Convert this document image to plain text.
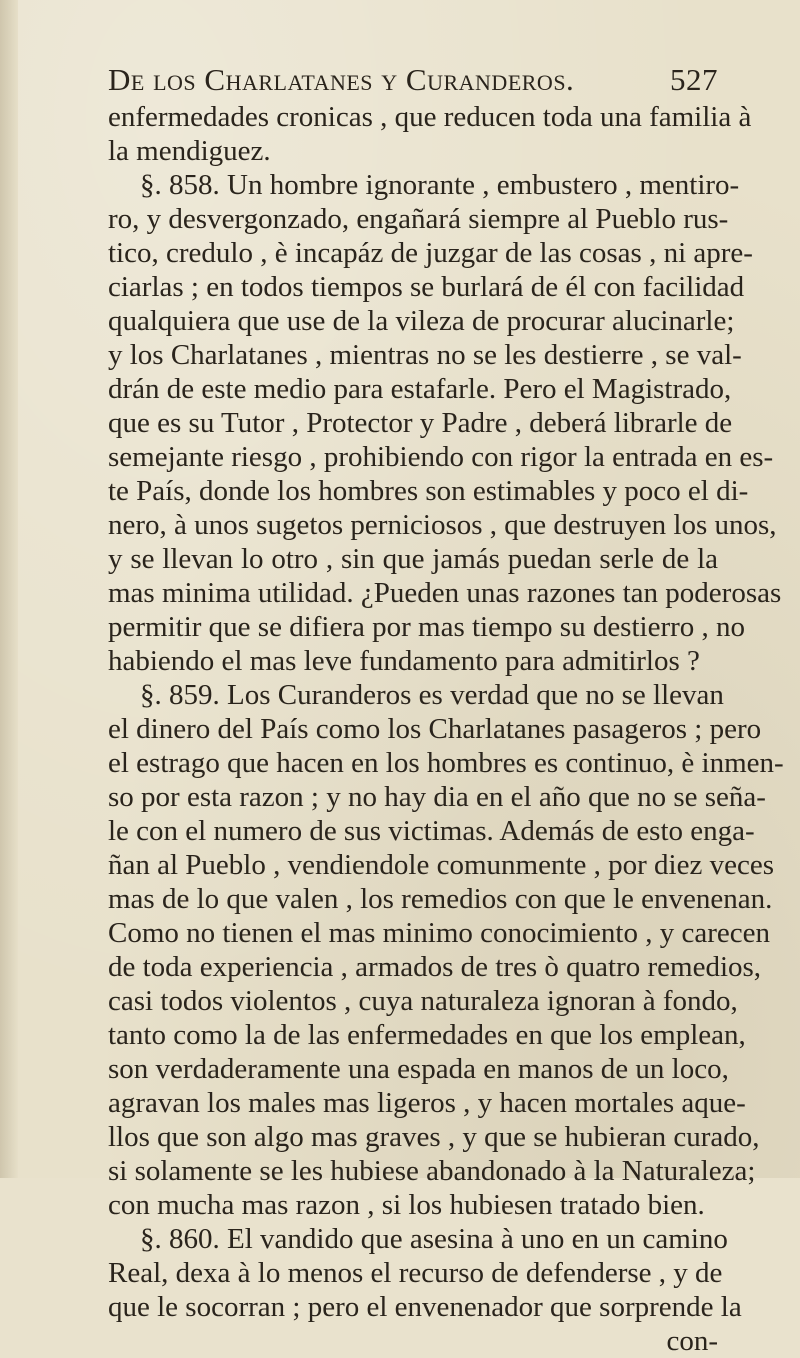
De los Charlatanes y Curanderos.	527
enfermedades cronicas , que reducen toda una familia à
la mendiguez.
§. 858. Un hombre ignorante , embustero , mentiro-
ro, y desvergonzado, engañará siempre al Pueblo rus-
tico, credulo , è incapáz de juzgar de las cosas , ni apre-
ciarlas ; en todos tiempos se burlará de él con facilidad
qualquiera que use de la vileza de procurar alucinarle;
y los Charlatanes , mientras no se les destierre , se val-
drán de este medio para estafarle. Pero el Magistrado,
que es su Tutor , Protector y Padre , deberá librarle de
semejante riesgo , prohibiendo con rigor la entrada en es-
te País, donde los hombres son estimables y poco el di-
nero, à unos sugetos perniciosos , que destruyen los unos,
y se llevan lo otro , sin que jamás puedan serle de la
mas minima utilidad. ¿Pueden unas razones tan poderosas
permitir que se difiera por mas tiempo su destierro , no
habiendo el mas leve fundamento para admitirlos ?
§. 859. Los Curanderos es verdad que no se llevan
el dinero del País como los Charlatanes pasageros ; pero
el estrago que hacen en los hombres es continuo, è inmen-
so por esta razon ; y no hay dia en el año que no se seña-
le con el numero de sus victimas. Además de esto enga-
ñan al Pueblo , vendiendole comunmente , por diez veces
mas de lo que valen , los remedios con que le envenenan.
Como no tienen el mas minimo conocimiento , y carecen
de toda experiencia , armados de tres ò quatro remedios,
casi todos violentos , cuya naturaleza ignoran à fondo,
tanto como la de las enfermedades en que los emplean,
son verdaderamente una espada en manos de un loco,
agravan los males mas ligeros , y hacen mortales aque-
llos que son algo mas graves , y que se hubieran curado,
si solamente se les hubiese abandonado à la Naturaleza;
con mucha mas razon , si los hubiesen tratado bien.
§. 860. El vandido que asesina à uno en un camino
Real, dexa à lo menos el recurso de defenderse , y de
que le socorran ; pero el envenenador que sorprende la
con-
